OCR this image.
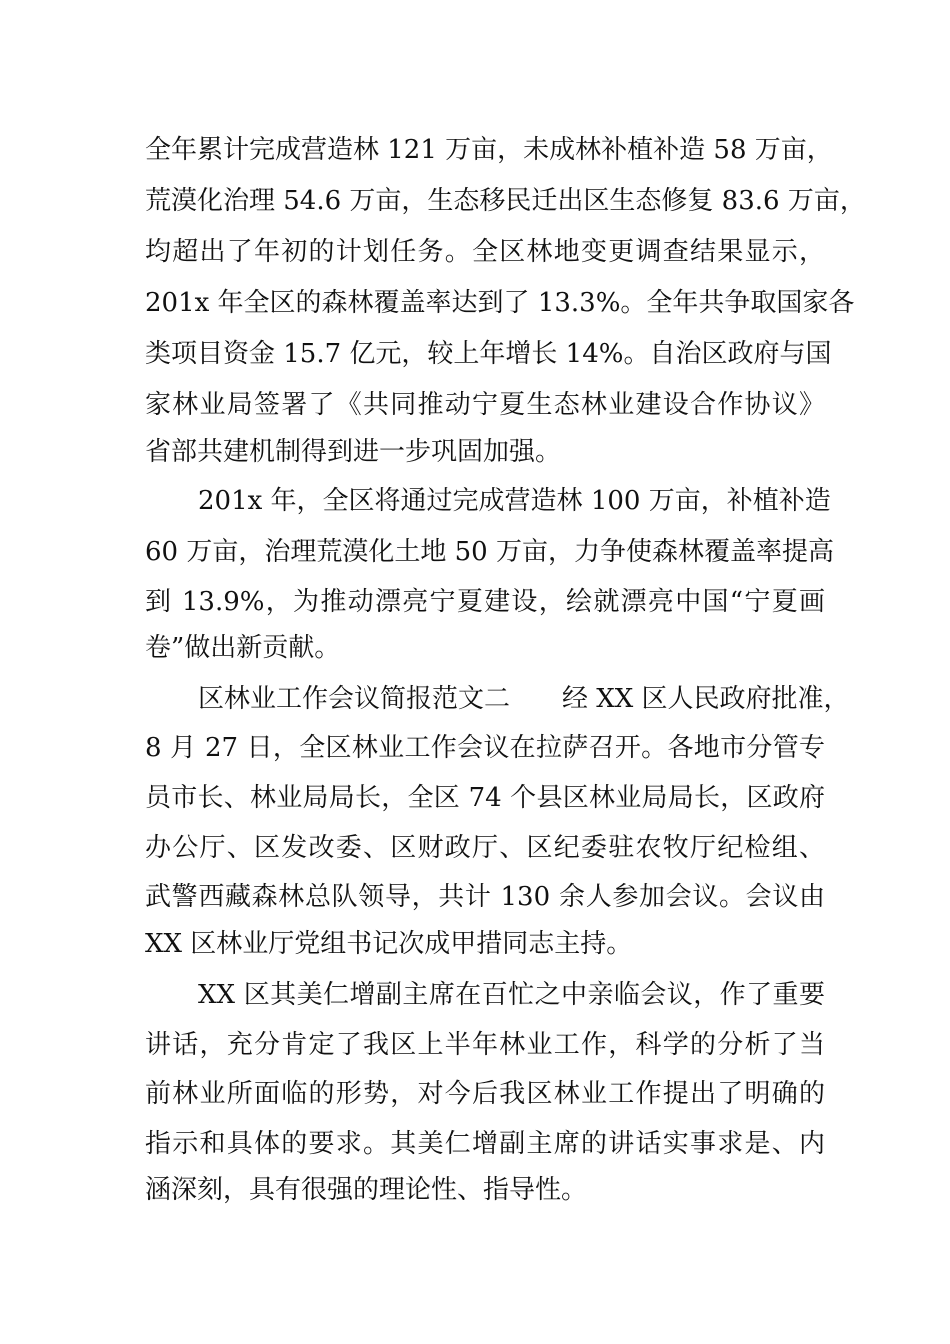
全年累计完成营造林 121 万亩，未成林补植补造 58 万亩，

荒漠化治理 54.6 万亩，生态移民迁出区生态修复 83.6 万亩，

均超出了年初的计划任务。全区林地变更调查结果显示，

201x 年全区的森林覆盖率达到了 13.3%。全年共争取国家各

类项目资金 15.7 亿元，较上年增长 14%。自治区政府与国

家林业局签署了《共同推动宁夏生态林业建设合作协议》

省部共建机制得到进一步巩固加强。

201x 年，全区将通过完成营造林 100 万亩，补植补造

60 万亩，治理荒漠化土地 50 万亩，力争使森林覆盖率提高

到 13.9%，为推动漂亮宁夏建设，绘就漂亮中国“宁夏画

卷”做出新贡献。

区林业工作会议简报范文二　　经 XX 区人民政府批准，

8 月 27 日，全区林业工作会议在拉萨召开。各地市分管专

员市长、林业局局长，全区 74 个县区林业局局长，区政府

办公厅、区发改委、区财政厅、区纪委驻农牧厅纪检组、

武警西藏森林总队领导，共计 130 余人参加会议。会议由

XX 区林业厅党组书记次成甲措同志主持。

XX 区其美仁增副主席在百忙之中亲临会议，作了重要

讲话，充分肯定了我区上半年林业工作，科学的分析了当

前林业所面临的形势，对今后我区林业工作提出了明确的

指示和具体的要求。其美仁增副主席的讲话实事求是、内

涵深刻，具有很强的理论性、指导性。
